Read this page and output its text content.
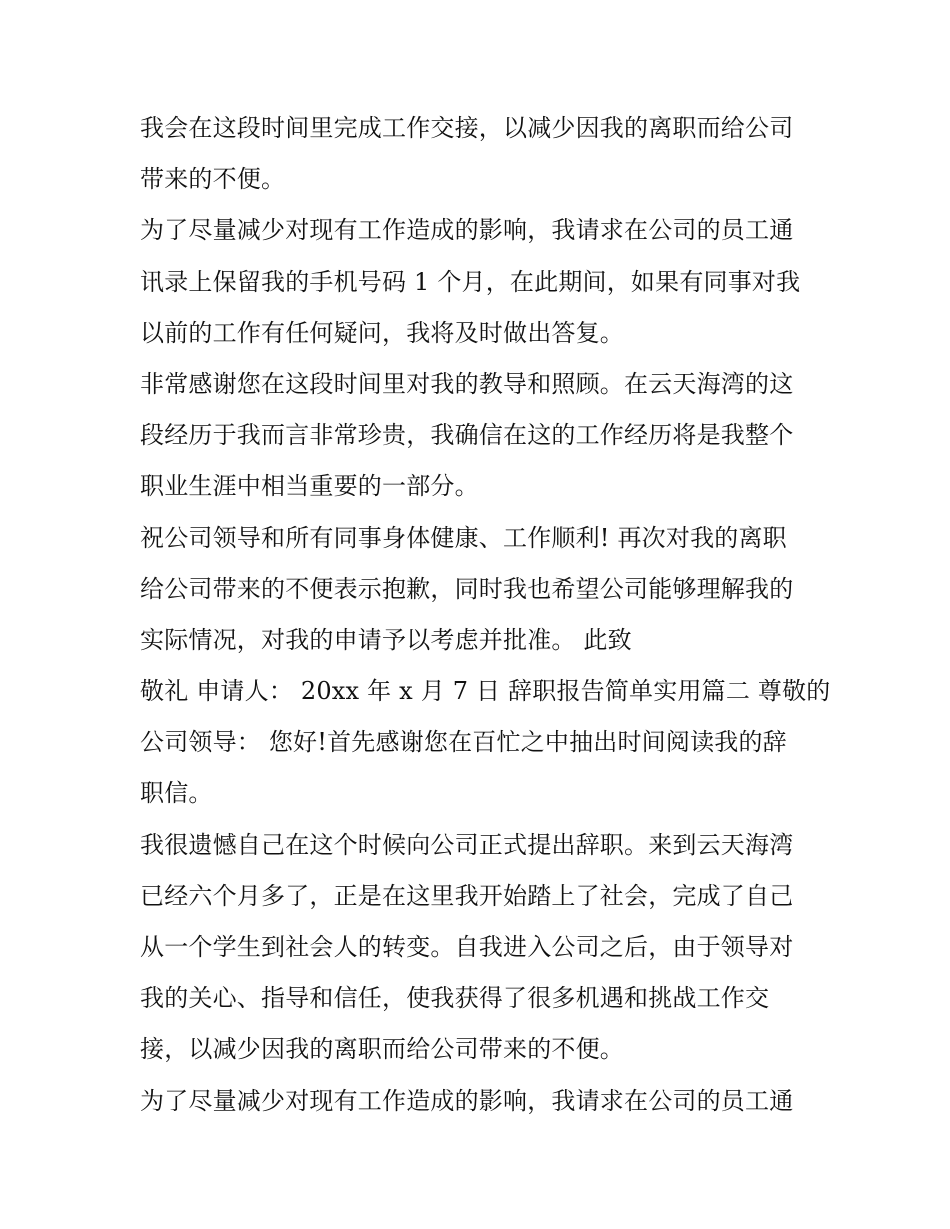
我会在这段时间里完成工作交接，以减少因我的离职而给公司
带来的不便。
为了尽量减少对现有工作造成的影响，我请求在公司的员工通
讯录上保留我的手机号码 1 个月，在此期间，如果有同事对我
以前的工作有任何疑问，我将及时做出答复。
非常感谢您在这段时间里对我的教导和照顾。在云天海湾的这
段经历于我而言非常珍贵，我确信在这的工作经历将是我整个
职业生涯中相当重要的一部分。
祝公司领导和所有同事身体健康、工作顺利! 再次对我的离职
给公司带来的不便表示抱歉，同时我也希望公司能够理解我的
实际情况，对我的申请予以考虑并批准。 此致
敬礼 申请人： 20xx 年 x 月 7 日 辞职报告简单实用篇二 尊敬的
公司领导： 您好!首先感谢您在百忙之中抽出时间阅读我的辞
职信。
我很遗憾自己在这个时候向公司正式提出辞职。来到云天海湾
已经六个月多了，正是在这里我开始踏上了社会，完成了自己
从一个学生到社会人的转变。自我进入公司之后，由于领导对
我的关心、指导和信任，使我获得了很多机遇和挑战工作交
接，以减少因我的离职而给公司带来的不便。
为了尽量减少对现有工作造成的影响，我请求在公司的员工通
